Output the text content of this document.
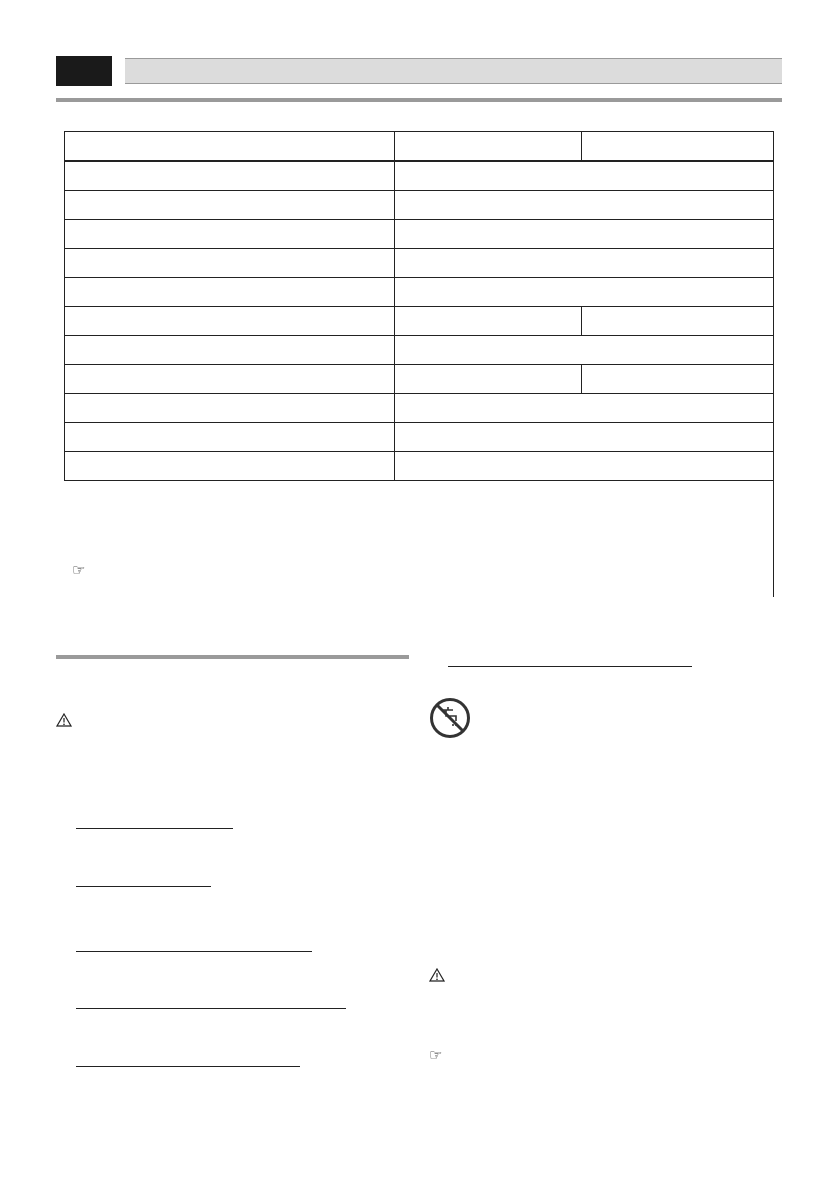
☞
☞
